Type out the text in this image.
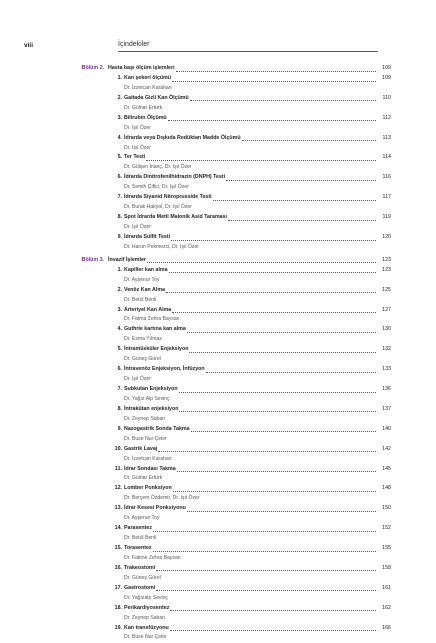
viii	İçindekiler
Bölüm 2. Hasta başı ölçüm işlemleri	109
1. Kan şekeri ölçümü	109
Dr. İzzetcan Karahan
2. Gaitada Gizli Kan Ölçümü	110
Dr. Gülnar Ertürk
3. Bilirubin Ölçümü	112
Dr. Işıl Özer
4. İdrarda veya Dışkıda Redüktan Madde Ölçümü	113
Dr. Işıl Özer
5. Ter Testi	114
Dr. Gülşen İnanç, Dr. Işıl Özer
6. İdrarda Dinitrofenilhidrazin (DNPH) Testi	116
Dr. Semih Çiftci, Dr. Işıl Özer
7. İdrarda Siyanid Nitroprusside Testi	117
Dr. Burak Hakyol, Dr. Işıl Özer
8. Spot İdrarda Metil Malonik Asid Taraması	119
Dr. Işıl Özer
9. İdrarda Sülfit Testi	120
Dr. Harun Pekmezci, Dr. Işıl Özer
Bölüm 3. İnvazif İşlemler	123
1. Kapiller kan alma	123
Dr. Ayşenur Toy
2. Venöz Kan Alma	125
Dr. Betül Benli
3. Arteriyel Kan Alma	127
Dr. Fatma Zehra Baysan
4. Guthrie kartına kan alma	130
Dr. Esma Yılmaz
5. İntramüsküler Enjeksiyon	132
Dr. Güneş Gürel
6. İntravenöz Enjeksiyon, İnfüzyon	133
Dr. Işıl Özer
7. Subkutan Enjeksiyon	136
Dr. Yağız Alp Sevinç
8. İntrakütan enjeksiyon	137
Dr. Zeynep Saban
9. Nazogastrik Sonda Takma	140
Dr. Buse Nur Çeler
10. Gastrik Lavaj	142
Dr. İzzetcan Karahan
11. İdrar Sondası Takma	145
Dr. Gülnar Ertürk
12. Lomber Ponksiyon	148
Dr. Berçem Özdemir, Dr. Işıl Özer
13. İdrar Kesesi Ponksiyonu	150
Dr. Ayşenur Toy
14. Parasentez	152
Dr. Betül Benli
15. Torasentez	155
Dr. Fatime Zehra Baysan
16. Trakeostomi	158
Dr. Güneş Gürel
17. Gastrostomi	161
Dr. Yağızalp Sevinç
18. Perikardiyosentez	162
Dr. Zeynep Saban
19. Kan transfüzyonu	166
Dr. Buse Nur Çeler
